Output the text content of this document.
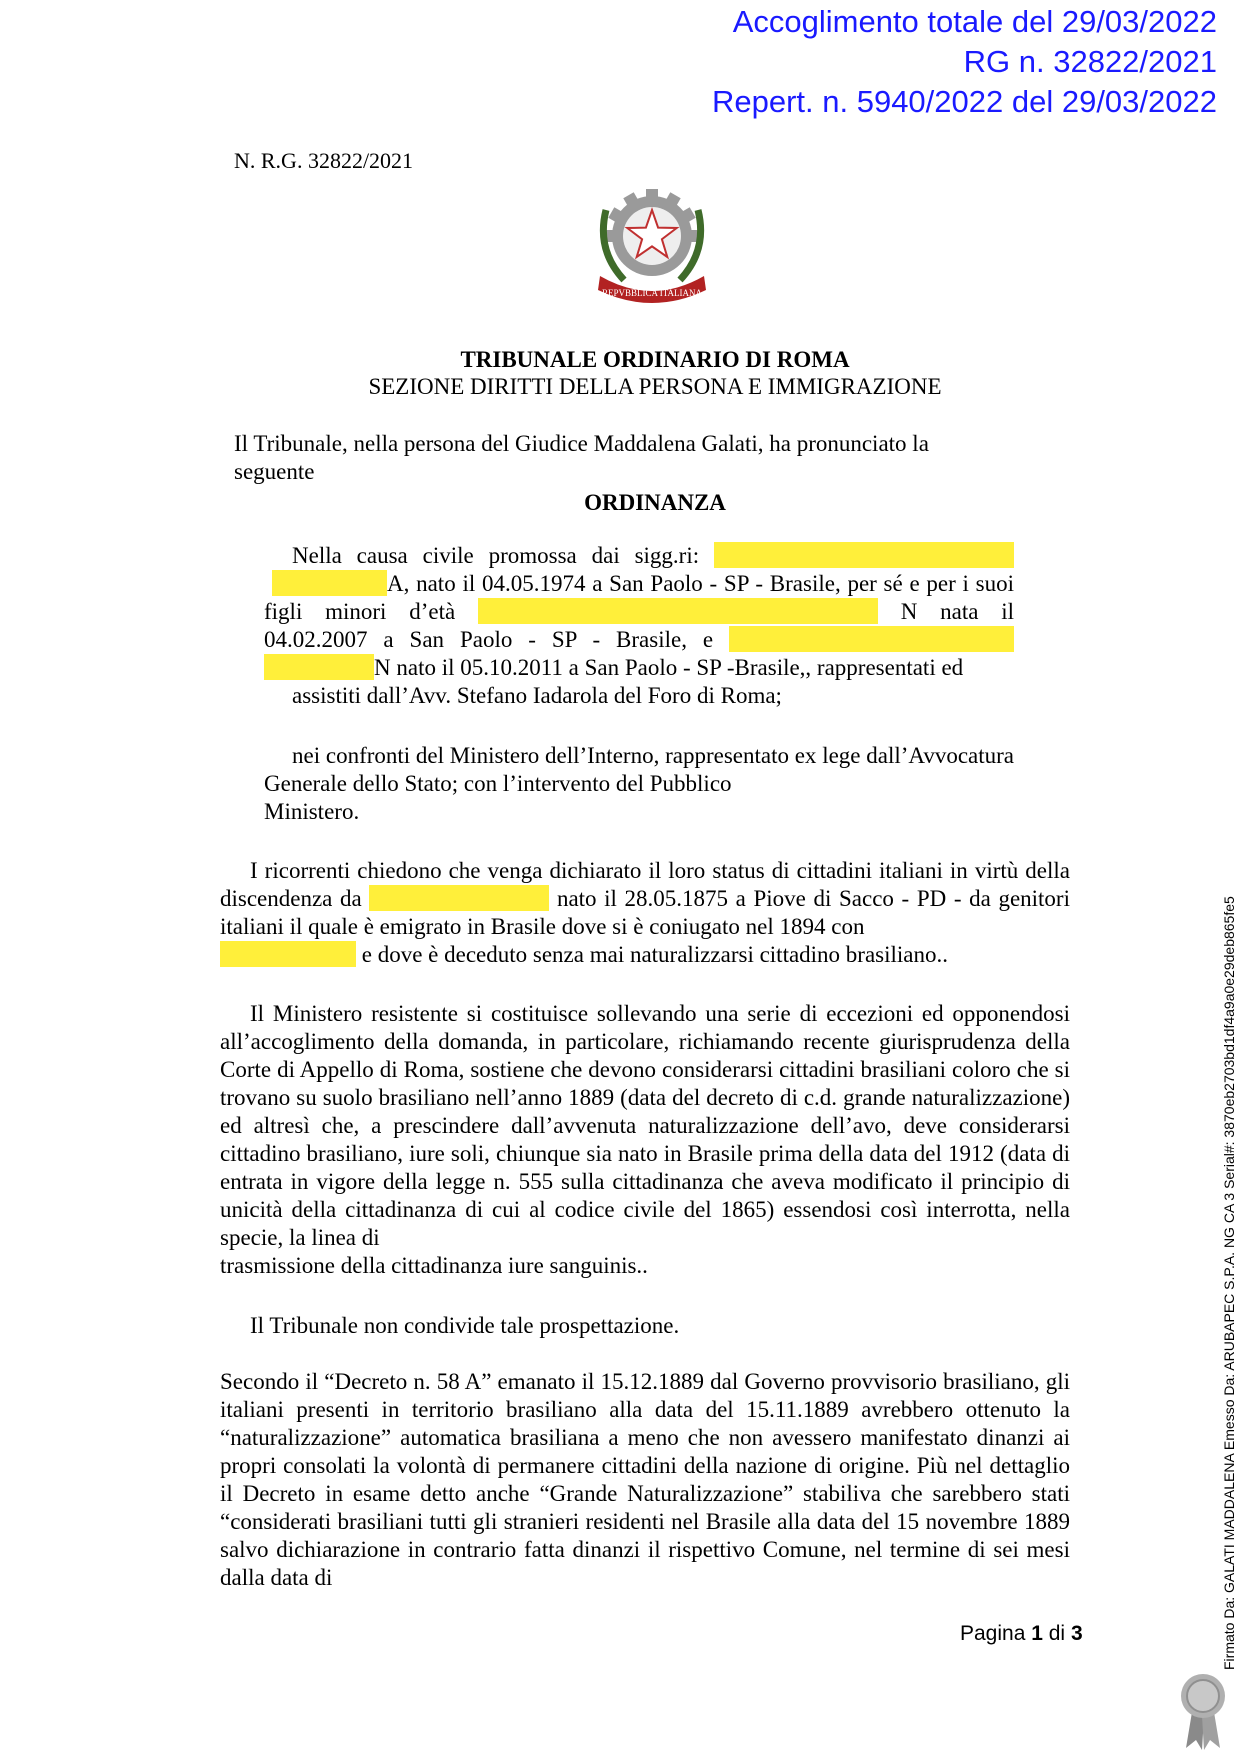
Accoglimento totale del 29/03/2022
RG n. 32822/2021
Repert. n. 5940/2022 del 29/03/2022
N. R.G. 32822/2021
REPVBBLICA ITALIANA
TRIBUNALE ORDINARIO DI ROMA
SEZIONE DIRITTI DELLA PERSONA E IMMIGRAZIONE

Il Tribunale, nella persona del Giudice Maddalena Galati, ha pronunciato la
seguente

ORDINANZA

Nella causa civile promossa dai sigg.ri: A, nato il 04.05.1974 a San Paolo - SP - Brasile, per sé e per i suoi figli minori d’età	N nata il 04.02.2007 a San Paolo - SP - Brasile, e  N nato il 05.10.2011 a San Paolo - SP -Brasile,, rappresentati ed
assistiti dall’Avv. Stefano Iadarola del Foro di Roma;

nei confronti del Ministero dell’Interno, rappresentato ex lege dall’Avvocatura Generale dello Stato; con l’intervento del Pubblico
Ministero.

I ricorrenti chiedono che venga dichiarato il loro status di cittadini italiani in virtù della discendenza da	nato il 28.05.1875 a Piove di Sacco - PD - da genitori italiani il quale è emigrato in Brasile dove si è coniugato nel 1894 con
e dove è deceduto senza mai naturalizzarsi cittadino brasiliano..

Il Ministero resistente si costituisce sollevando una serie di eccezioni ed opponendosi all’accoglimento della domanda, in particolare, richiamando recente giurisprudenza della Corte di Appello di Roma, sostiene che devono considerarsi cittadini brasiliani coloro che si trovano su suolo brasiliano nell’anno 1889 (data del decreto di c.d. grande naturalizzazione) ed altresì che, a prescindere dall’avvenuta naturalizzazione dell’avo, deve considerarsi cittadino brasiliano, iure soli, chiunque sia nato in Brasile prima della data del 1912 (data di entrata in vigore della legge n. 555 sulla cittadinanza che aveva modificato il principio di unicità della cittadinanza di cui al codice civile del 1865) essendosi così interrotta, nella specie, la linea di
trasmissione della cittadinanza iure sanguinis..

Il Tribunale non condivide tale prospettazione.

Secondo il “Decreto n. 58 A” emanato il 15.12.1889 dal Governo provvisorio brasiliano, gli italiani presenti in territorio brasiliano alla data del 15.11.1889 avrebbero ottenuto la “naturalizzazione” automatica brasiliana a meno che non avessero manifestato dinanzi ai propri consolati la volontà di permanere cittadini della nazione di origine. Più nel dettaglio il Decreto in esame detto anche “Grande Naturalizzazione” stabiliva che sarebbero stati “considerati brasiliani tutti gli stranieri residenti nel Brasile alla data del 15 novembre 1889 salvo dichiarazione in contrario fatta dinanzi il rispettivo Comune, nel termine di sei mesi dalla data di

Pagina 1 di 3	Firmato Da: GALATI MADDALENA Emesso Da: ARUBAPEC S.P.A. NG CA 3 Serial#: 3870eb2703bd1df4a9a0e29deb865fe5
